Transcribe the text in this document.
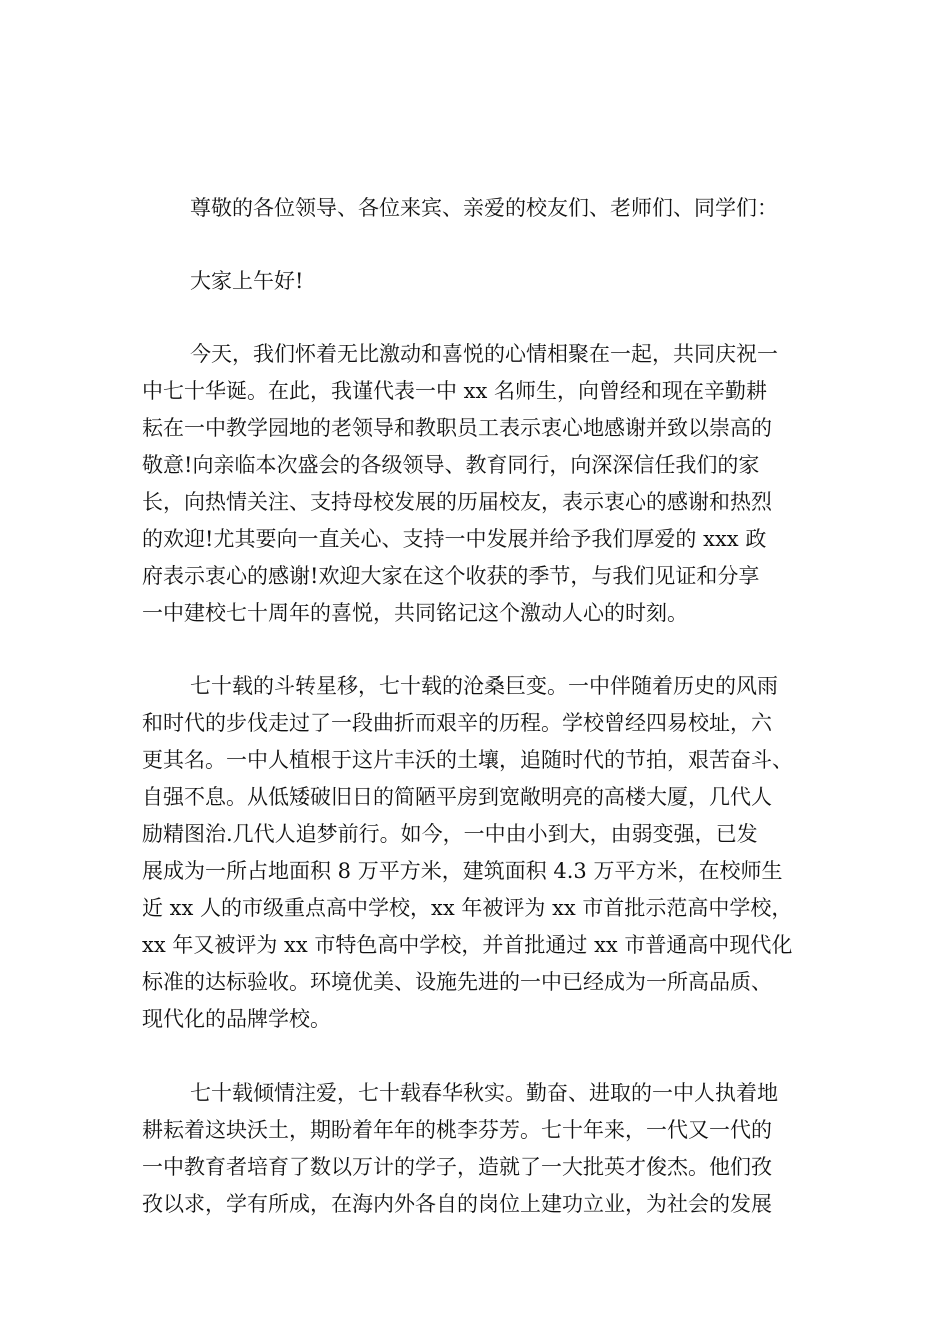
尊敬的各位领导、各位来宾、亲爱的校友们、老师们、同学们：
大家上午好!
今天，我们怀着无比激动和喜悦的心情相聚在一起，共同庆祝一
中七十华诞。在此，我谨代表一中 xx 名师生，向曾经和现在辛勤耕
耘在一中教学园地的老领导和教职员工表示衷心地感谢并致以崇高的
敬意!向亲临本次盛会的各级领导、教育同行，向深深信任我们的家
长，向热情关注、支持母校发展的历届校友，表示衷心的感谢和热烈
的欢迎!尤其要向一直关心、支持一中发展并给予我们厚爱的 xxx 政
府表示衷心的感谢!欢迎大家在这个收获的季节，与我们见证和分享
一中建校七十周年的喜悦，共同铭记这个激动人心的时刻。
七十载的斗转星移，七十载的沧桑巨变。一中伴随着历史的风雨
和时代的步伐走过了一段曲折而艰辛的历程。学校曾经四易校址，六
更其名。一中人植根于这片丰沃的土壤，追随时代的节拍，艰苦奋斗、
自强不息。从低矮破旧日的简陋平房到宽敞明亮的高楼大厦，几代人
励精图治.几代人追梦前行。如今，一中由小到大，由弱变强，已发
展成为一所占地面积 8 万平方米，建筑面积 4.3 万平方米，在校师生
近 xx 人的市级重点高中学校，xx 年被评为 xx 市首批示范高中学校，
xx 年又被评为 xx 市特色高中学校，并首批通过 xx 市普通高中现代化
标准的达标验收。环境优美、设施先进的一中已经成为一所高品质、
现代化的品牌学校。
七十载倾情注爱，七十载春华秋实。勤奋、进取的一中人执着地
耕耘着这块沃土，期盼着年年的桃李芬芳。七十年来，一代又一代的
一中教育者培育了数以万计的学子，造就了一大批英才俊杰。他们孜
孜以求，学有所成，在海内外各自的岗位上建功立业，为社会的发展
